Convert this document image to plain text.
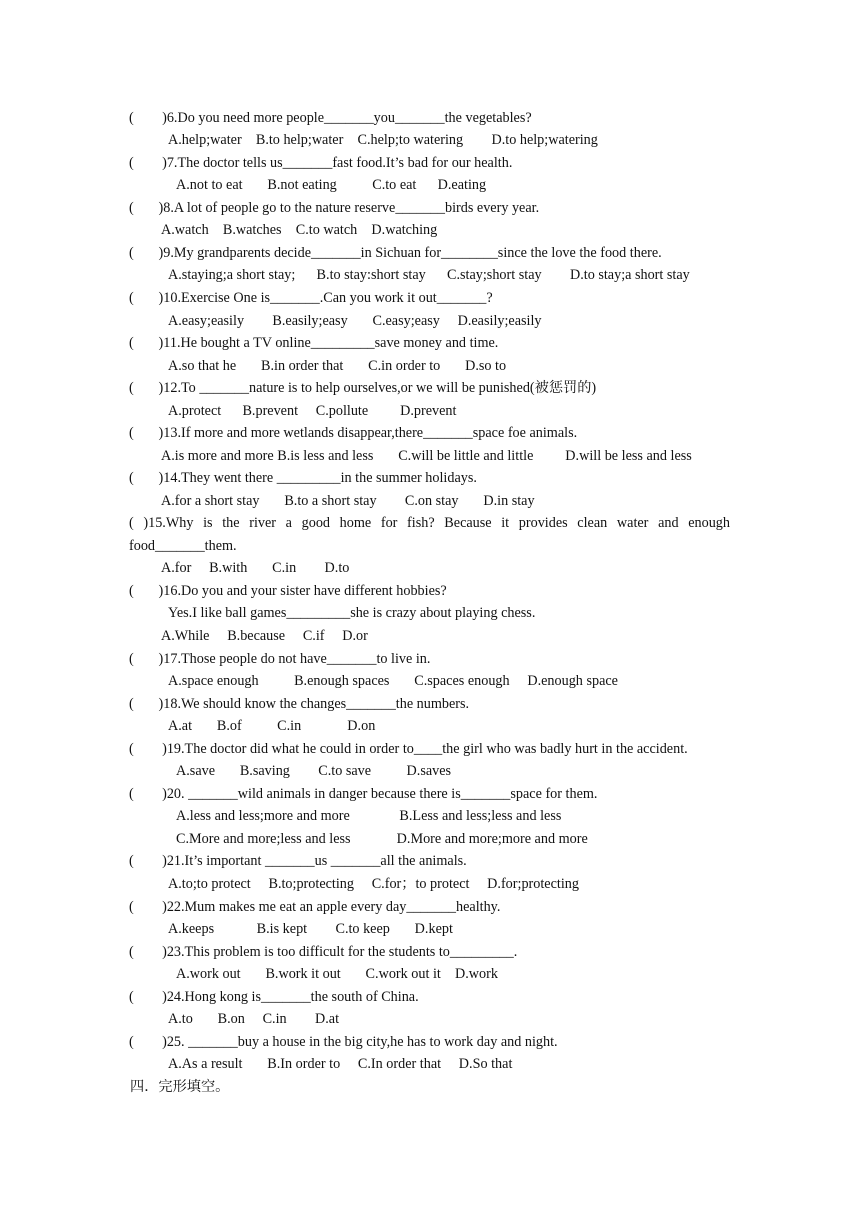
(        )6.Do you need more people_______you_______the vegetables?
A.help;water    B.to help;water    C.help;to watering        D.to help;watering
(        )7.The doctor tells us_______fast food.It’s bad for our health.
A.not to eat       B.not eating          C.to eat      D.eating
(       )8.A lot of people go to the nature reserve_______birds every year.
A.watch    B.watches    C.to watch    D.watching
(       )9.My grandparents decide_______in Sichuan for________since the love the food there.
A.staying;a short stay;      B.to stay:short stay      C.stay;short stay        D.to stay;a short stay
(       )10.Exercise One is_______.Can you work it out_______?
A.easy;easily        B.easily;easy       C.easy;easy     D.easily;easily
(       )11.He bought a TV online_________save money and time.
A.so that he       B.in order that       C.in order to       D.so to
(       )12.To _______nature is to help ourselves,or we will be punished(被惩罚的)
A.protect      B.prevent     C.pollute         D.prevent
(       )13.If more and more wetlands disappear,there_______space foe animals.
A.is more and more B.is less and less       C.will be little and little         D.will be less and less
(       )14.They went there _________in the summer holidays.
A.for a short stay       B.to a short stay        C.on stay       D.in stay
( )15.Why is the river a good home for fish? Because it provides clean water and enough
food_______them.
A.for     B.with       C.in        D.to
(       )16.Do you and your sister have different hobbies?
Yes.I like ball games_________she is crazy about playing chess.
A.While     B.because     C.if     D.or
(       )17.Those people do not have_______to live in.
A.space enough          B.enough spaces       C.spaces enough     D.enough space
(       )18.We should know the changes_______the numbers.
A.at       B.of          C.in             D.on
(        )19.The doctor did what he could in order to____the girl who was badly hurt in the accident.
A.save       B.saving        C.to save          D.saves
(        )20. _______wild animals in danger because there is_______space for them.
A.less and less;more and more              B.Less and less;less and less
C.More and more;less and less             D.More and more;more and more
(        )21.It’s important _______us _______all the animals.
A.to;to protect     B.to;protecting     C.for；to protect     D.for;protecting
(        )22.Mum makes me eat an apple every day_______healthy.
A.keeps            B.is kept        C.to keep       D.kept
(        )23.This problem is too difficult for the students to_________.
A.work out       B.work it out       C.work out it    D.work
(        )24.Hong kong is_______the south of China.
A.to       B.on     C.in        D.at
(        )25. _______buy a house in the big city,he has to work day and night.
A.As a result       B.In order to     C.In order that     D.So that
四．完形填空。
